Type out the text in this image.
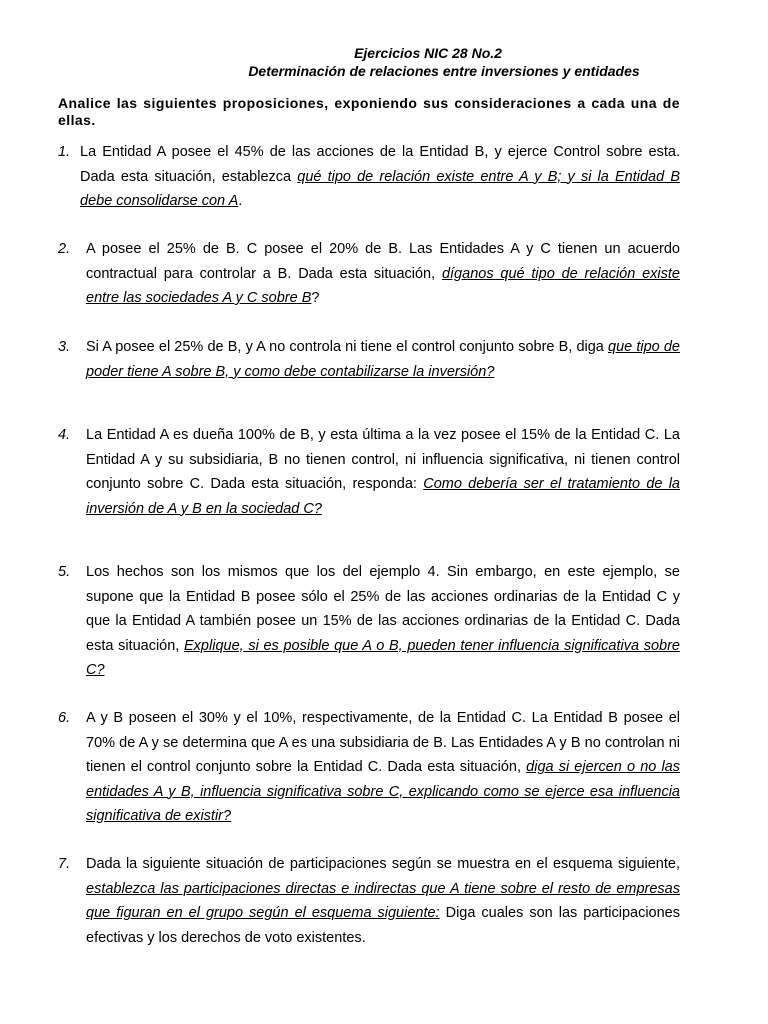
Ejercicios NIC 28 No.2
Determinación de relaciones entre inversiones y entidades
Analice las siguientes proposiciones, exponiendo sus consideraciones a cada una de ellas.
1. La Entidad A posee el 45% de las acciones de la Entidad B, y ejerce Control sobre esta. Dada esta situación, establezca qué tipo de relación existe entre A y B; y si la Entidad B debe consolidarse con A.
2. A posee el 25% de B. C posee el 20% de B. Las Entidades A y C tienen un acuerdo contractual para controlar a B. Dada esta situación, díganos qué tipo de relación existe entre las sociedades A y C sobre B?
3. Si A posee el 25% de B, y A no controla ni tiene el control conjunto sobre B, diga que tipo de poder tiene A sobre B, y como debe contabilizarse la inversión?
4. La Entidad A es dueña 100% de B, y esta última a la vez posee el 15% de la Entidad C. La Entidad A y su subsidiaria, B no tienen control, ni influencia significativa, ni tienen control conjunto sobre C. Dada esta situación, responda: Como debería ser el tratamiento de la inversión de A y B en la sociedad C?
5. Los hechos son los mismos que los del ejemplo 4. Sin embargo, en este ejemplo, se supone que la Entidad B posee sólo el 25% de las acciones ordinarias de la Entidad C y que la Entidad A también posee un 15% de las acciones ordinarias de la Entidad C. Dada esta situación, Explique, si es posible que A o B, pueden tener influencia significativa sobre C?
6. A y B poseen el 30% y el 10%, respectivamente, de la Entidad C. La Entidad B posee el 70% de A y se determina que A es una subsidiaria de B. Las Entidades A y B no controlan ni tienen el control conjunto sobre la Entidad C. Dada esta situación, diga si ejercen o no las entidades A y B, influencia significativa sobre C, explicando como se ejerce esa influencia significativa de existir?
7. Dada la siguiente situación de participaciones según se muestra en el esquema siguiente, establezca las participaciones directas e indirectas que A tiene sobre el resto de empresas que figuran en el grupo según el esquema siguiente: Diga cuales son las participaciones efectivas y los derechos de voto existentes.
